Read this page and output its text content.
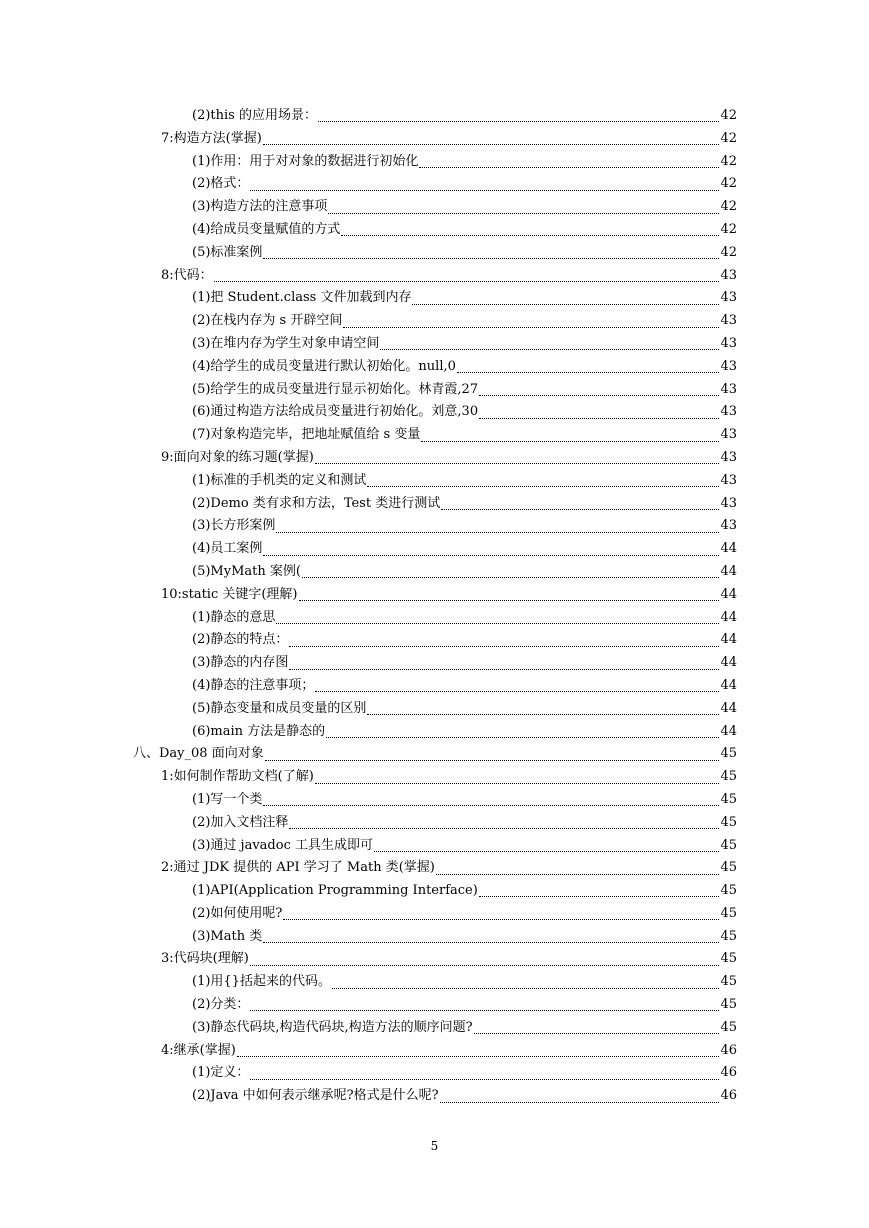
(2)this 的应用场景：	42
7:构造方法(掌握)	42
(1)作用：用于对对象的数据进行初始化	42
(2)格式：	42
(3)构造方法的注意事项	42
(4)给成员变量赋值的方式	42
(5)标准案例	42
8:代码：	43
(1)把 Student.class 文件加载到内存	43
(2)在栈内存为 s 开辟空间	43
(3)在堆内存为学生对象申请空间	43
(4)给学生的成员变量进行默认初始化。null,0	43
(5)给学生的成员变量进行显示初始化。林青霞,27	43
(6)通过构造方法给成员变量进行初始化。刘意,30	43
(7)对象构造完毕，把地址赋值给 s 变量	43
9:面向对象的练习题(掌握)	43
(1)标准的手机类的定义和测试	43
(2)Demo 类有求和方法，Test 类进行测试	43
(3)长方形案例	43
(4)员工案例	44
(5)MyMath 案例(	44
10:static 关键字(理解)	44
(1)静态的意思	44
(2)静态的特点：	44
(3)静态的内存图	44
(4)静态的注意事项；	44
(5)静态变量和成员变量的区别	44
(6)main 方法是静态的	44
八、Day_08 面向对象	45
1:如何制作帮助文档(了解)	45
(1)写一个类	45
(2)加入文档注释	45
(3)通过 javadoc 工具生成即可	45
2:通过 JDK 提供的 API 学习了 Math 类(掌握)	45
(1)API(Application Programming Interface)	45
(2)如何使用呢?	45
(3)Math 类	45
3:代码块(理解)	45
(1)用{}括起来的代码。	45
(2)分类：	45
(3)静态代码块,构造代码块,构造方法的顺序问题?	45
4:继承(掌握)	46
(1)定义：	46
(2)Java 中如何表示继承呢?格式是什么呢?	46
5
